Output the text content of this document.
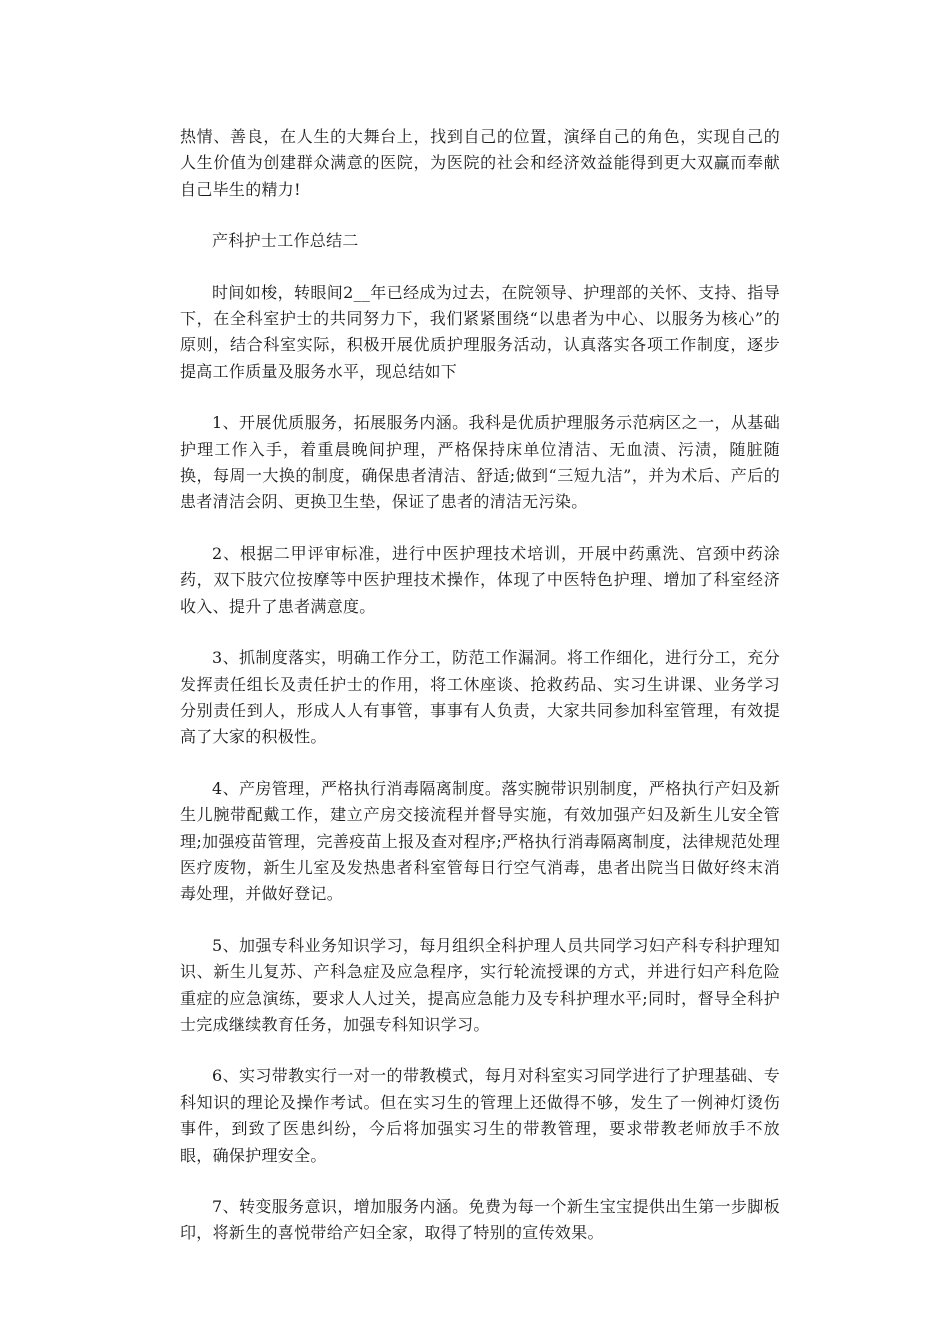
热情、善良，在人生的大舞台上，找到自己的位置，演绎自己的角色，实现自己的人生价值为创建群众满意的医院，为医院的社会和经济效益能得到更大双赢而奉献自己毕生的精力!

产科护士工作总结二

时间如梭，转眼间2__年已经成为过去，在院领导、护理部的关怀、支持、指导下，在全科室护士的共同努力下，我们紧紧围绕“以患者为中心、以服务为核心”的原则，结合科室实际，积极开展优质护理服务活动，认真落实各项工作制度，逐步提高工作质量及服务水平，现总结如下

1、开展优质服务，拓展服务内涵。我科是优质护理服务示范病区之一，从基础护理工作入手，着重晨晚间护理，严格保持床单位清洁、无血渍、污渍，随脏随换，每周一大换的制度，确保患者清洁、舒适;做到“三短九洁”，并为术后、产后的患者清洁会阴、更换卫生垫，保证了患者的清洁无污染。

2、根据二甲评审标准，进行中医护理技术培训，开展中药熏洗、宫颈中药涂药，双下肢穴位按摩等中医护理技术操作，体现了中医特色护理、增加了科室经济收入、提升了患者满意度。

3、抓制度落实，明确工作分工，防范工作漏洞。将工作细化，进行分工，充分发挥责任组长及责任护士的作用，将工休座谈、抢救药品、实习生讲课、业务学习分别责任到人，形成人人有事管，事事有人负责，大家共同参加科室管理，有效提高了大家的积极性。

4、产房管理，严格执行消毒隔离制度。落实腕带识别制度，严格执行产妇及新生儿腕带配戴工作，建立产房交接流程并督导实施，有效加强产妇及新生儿安全管理;加强疫苗管理，完善疫苗上报及查对程序;严格执行消毒隔离制度，法律规范处理医疗废物，新生儿室及发热患者科室管每日行空气消毒，患者出院当日做好终末消毒处理，并做好登记。

5、加强专科业务知识学习，每月组织全科护理人员共同学习妇产科专科护理知识、新生儿复苏、产科急症及应急程序，实行轮流授课的方式，并进行妇产科危险重症的应急演练，要求人人过关，提高应急能力及专科护理水平;同时，督导全科护士完成继续教育任务，加强专科知识学习。

6、实习带教实行一对一的带教模式，每月对科室实习同学进行了护理基础、专科知识的理论及操作考试。但在实习生的管理上还做得不够，发生了一例神灯烫伤事件，到致了医患纠纷，今后将加强实习生的带教管理，要求带教老师放手不放眼，确保护理安全。

7、转变服务意识，增加服务内涵。免费为每一个新生宝宝提供出生第一步脚板印，将新生的喜悦带给产妇全家，取得了特别的宣传效果。
